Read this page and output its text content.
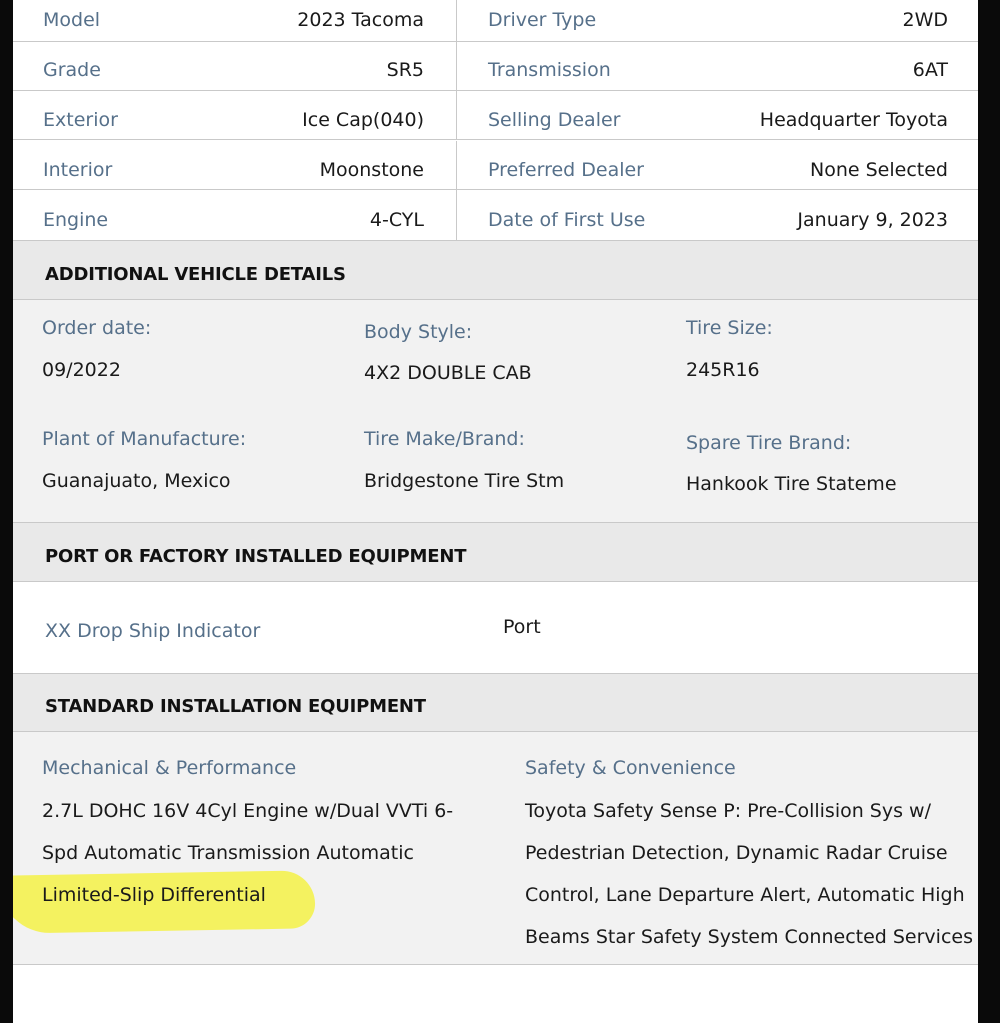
Model	2023 Tacoma	Driver Type	2WD
Grade	SR5	Transmission	6AT
Exterior	Ice Cap(040)	Selling Dealer	Headquarter Toyota
Interior	Moonstone	Preferred Dealer	None Selected
Engine	4-CYL	Date of First Use	January 9, 2023
ADDITIONAL VEHICLE DETAILS
Order date:
09/2022
Body Style:
4X2 DOUBLE CAB
Tire Size:
245R16
Plant of Manufacture:
Guanajuato, Mexico
Tire Make/Brand:
Bridgestone Tire Stm
Spare Tire Brand:
Hankook Tire Stateme
PORT OR FACTORY INSTALLED EQUIPMENT
XX Drop Ship Indicator	Port
STANDARD INSTALLATION EQUIPMENT
Mechanical & Performance	Safety & Convenience
2.7L DOHC 16V 4Cyl Engine w/Dual VVTi 6-
Spd Automatic Transmission Automatic
Limited-Slip Differential
Toyota Safety Sense P: Pre-Collision Sys w/
Pedestrian Detection, Dynamic Radar Cruise
Control, Lane Departure Alert, Automatic High
Beams Star Safety System Connected Services
